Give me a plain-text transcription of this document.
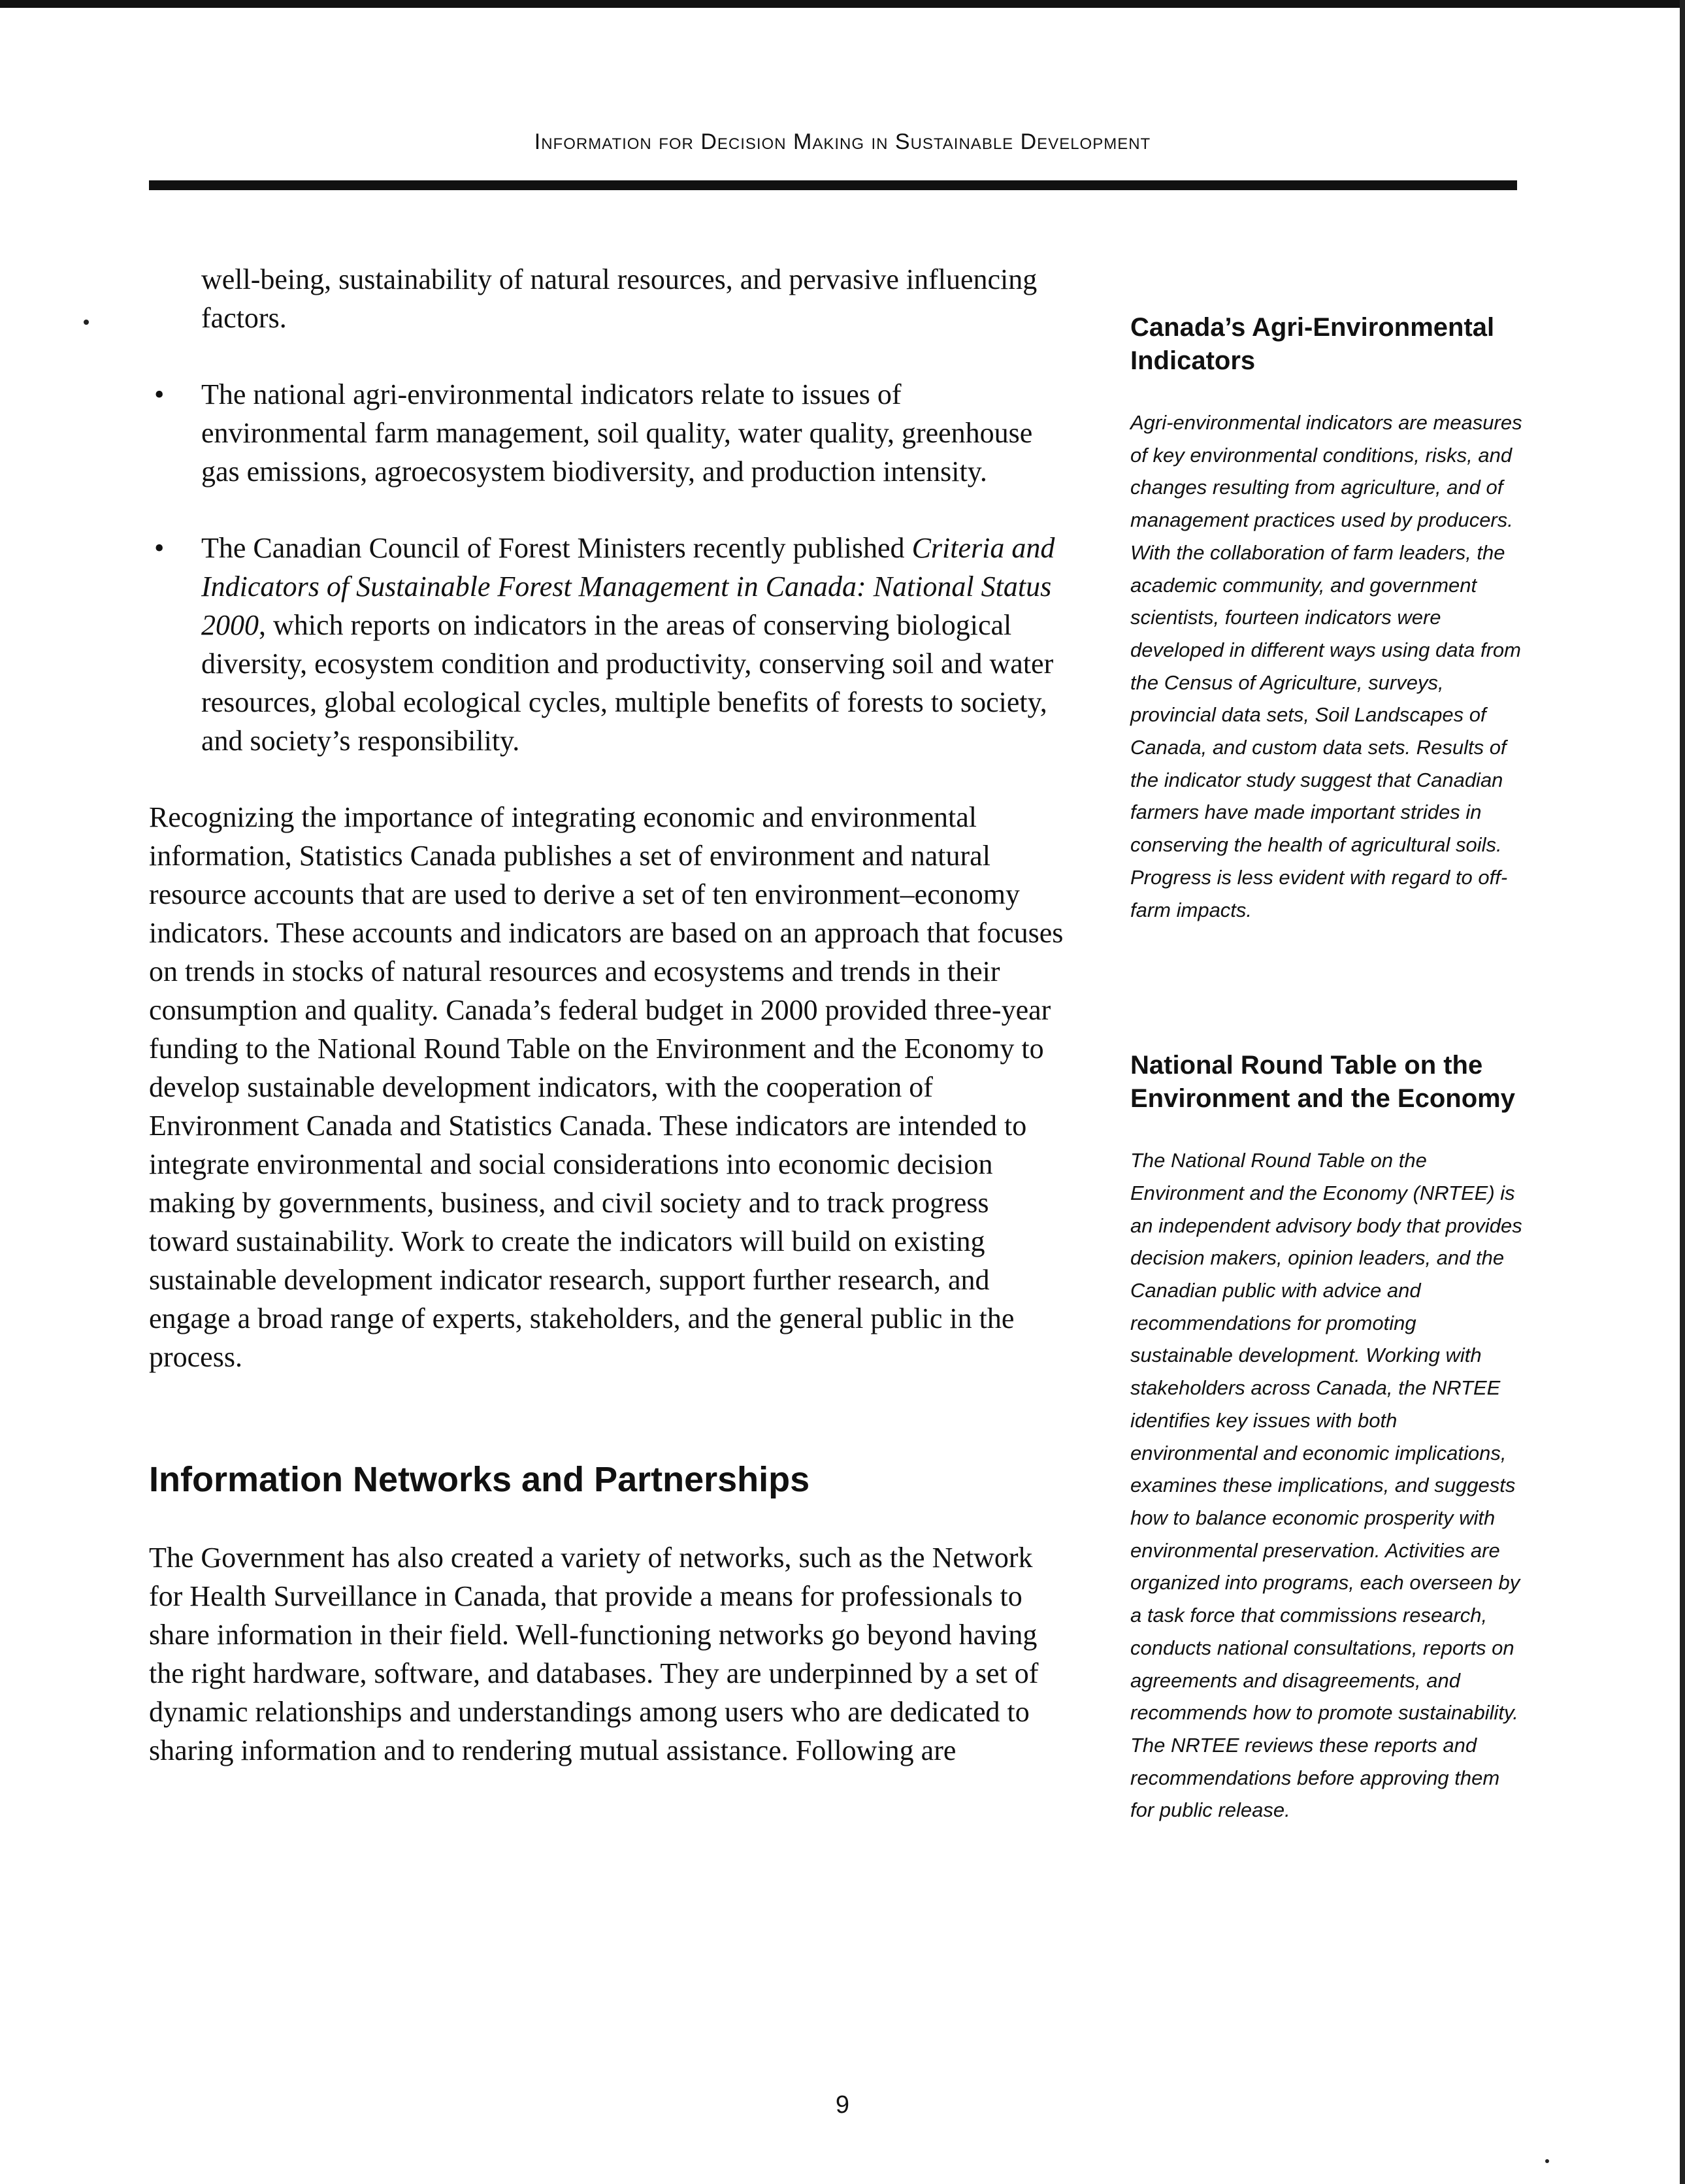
Information for Decision Making in Sustainable Development

well-being, sustainability of natural resources, and pervasive influencing factors.

• The national agri-environmental indicators relate to issues of environmental farm management, soil quality, water quality, greenhouse gas emissions, agroecosystem biodiversity, and production intensity.

• The Canadian Council of Forest Ministers recently published Criteria and Indicators of Sustainable Forest Management in Canada: National Status 2000, which reports on indicators in the areas of conserving biological diversity, ecosystem condition and productivity, conserving soil and water resources, global ecological cycles, multiple benefits of forests to society, and society’s responsibility.

Recognizing the importance of integrating economic and environmental information, Statistics Canada publishes a set of environment and natural resource accounts that are used to derive a set of ten environment–economy indicators. These accounts and indicators are based on an approach that focuses on trends in stocks of natural resources and ecosystems and trends in their consumption and quality. Canada’s federal budget in 2000 provided three-year funding to the National Round Table on the Environment and the Economy to develop sustainable development indicators, with the cooperation of Environment Canada and Statistics Canada. These indicators are intended to integrate environmental and social considerations into economic decision making by governments, business, and civil society and to track progress toward sustainability. Work to create the indicators will build on existing sustainable development indicator research, support further research, and engage a broad range of experts, stakeholders, and the general public in the process.

Information Networks and Partnerships

The Government has also created a variety of networks, such as the Network for Health Surveillance in Canada, that provide a means for professionals to share information in their field. Well-functioning networks go beyond having the right hardware, software, and databases. They are underpinned by a set of dynamic relationships and understandings among users who are dedicated to sharing information and to rendering mutual assistance. Following are

Canada’s Agri-Environmental Indicators

Agri-environmental indicators are measures of key environmental conditions, risks, and changes resulting from agriculture, and of management practices used by producers. With the collaboration of farm leaders, the academic community, and government scientists, fourteen indicators were developed in different ways using data from the Census of Agriculture, surveys, provincial data sets, Soil Landscapes of Canada, and custom data sets. Results of the indicator study suggest that Canadian farmers have made important strides in conserving the health of agricultural soils. Progress is less evident with regard to off-farm impacts.

National Round Table on the Environment and the Economy

The National Round Table on the Environment and the Economy (NRTEE) is an independent advisory body that provides decision makers, opinion leaders, and the Canadian public with advice and recommendations for promoting sustainable development. Working with stakeholders across Canada, the NRTEE identifies key issues with both environmental and economic implications, examines these implications, and suggests how to balance economic prosperity with environmental preservation. Activities are organized into programs, each overseen by a task force that commissions research, conducts national consultations, reports on agreements and disagreements, and recommends how to promote sustainability. The NRTEE reviews these reports and recommendations before approving them for public release.

9
